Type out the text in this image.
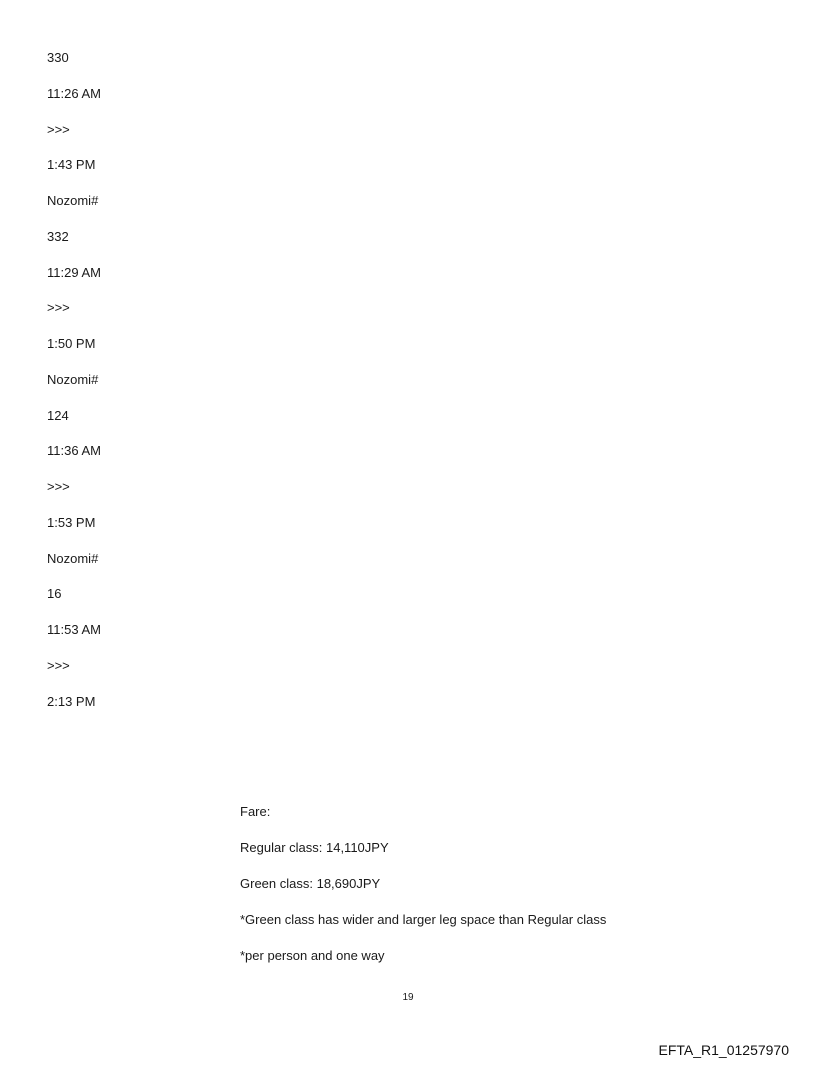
330
11:26 AM
>>>
1:43 PM
Nozomi#
332
11:29 AM
>>>
1:50 PM
Nozomi#
124
11:36 AM
>>>
1:53 PM
Nozomi#
16
11:53 AM
>>>
2:13 PM
Fare:
Regular class: 14,110JPY
Green class: 18,690JPY
*Green class has wider and larger leg space than Regular class
*per person and one way
19
EFTA_R1_01257970
